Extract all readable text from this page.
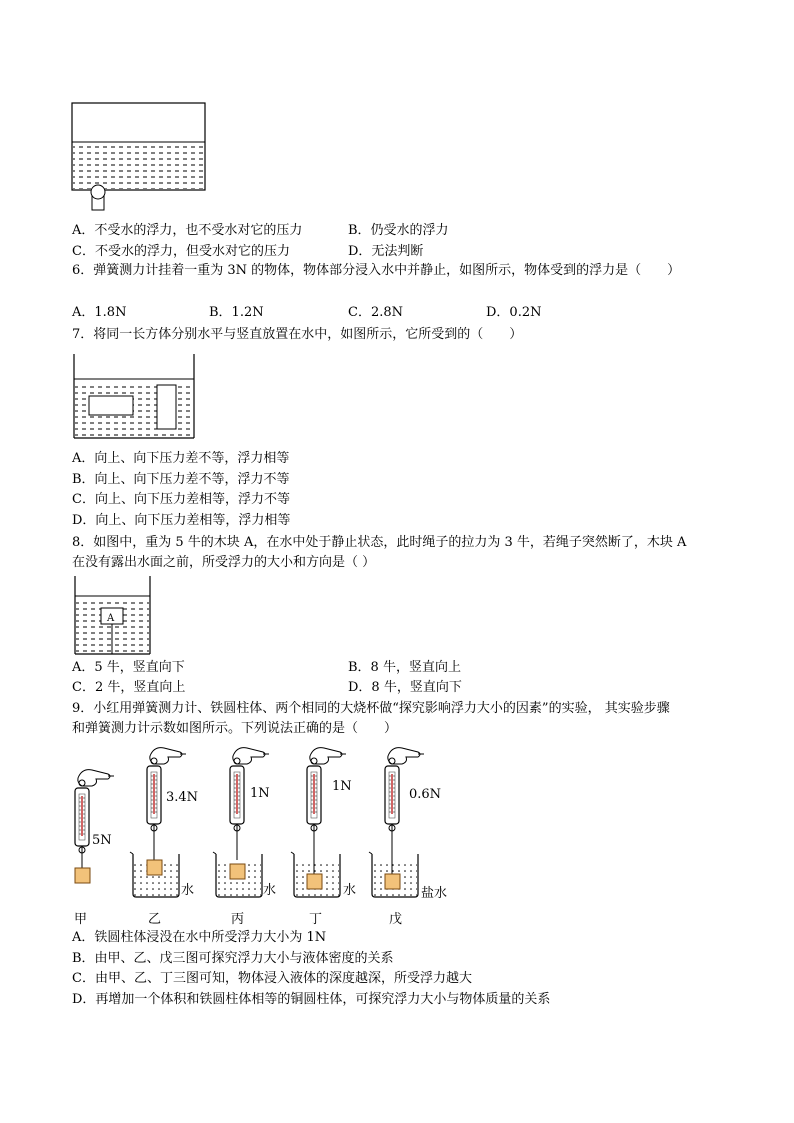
A．不受水的浮力，也不受水对它的压力	B．仍受水的浮力
C．不受水的浮力，但受水对它的压力	D．无法判断
6．弹簧测力计挂着一重为 3N 的物体，物体部分浸入水中并静止，如图所示，物体受到的浮力是（　　）
A．1.8N	B．1.2N	C．2.8N	D．0.2N
7．将同一长方体分别水平与竖直放置在水中，如图所示，它所受到的（　　）
A．向上、向下压力差不等，浮力相等
B．向上、向下压力差不等，浮力不等
C．向上、向下压力差相等，浮力不等
D．向上、向下压力差相等，浮力相等
8．如图中，重为 5 牛的木块 A，在水中处于静止状态，此时绳子的拉力为 3 牛，若绳子突然断了，木块 A
在没有露出水面之前，所受浮力的大小和方向是（ ）
A
A．5 牛，竖直向下	B．8 牛，竖直向上
C．2 牛，竖直向上	D．8 牛，竖直向下
9．小红用弹簧测力计、铁圆柱体、两个相同的大烧杯做“探究影响浮力大小的因素”的实验， 其实验步骤
和弹簧测力计示数如图所示。下列说法正确的是（　　）
5N
甲
3.4N
水
乙
1N
水
丙
1N
水
丁
0.6N
盐水
戊
A．铁圆柱体浸没在水中所受浮力大小为 1N
B．由甲、乙、戊三图可探究浮力大小与液体密度的关系
C．由甲、乙、丁三图可知，物体浸入液体的深度越深，所受浮力越大
D．再增加一个体积和铁圆柱体相等的铜圆柱体，可探究浮力大小与物体质量的关系
